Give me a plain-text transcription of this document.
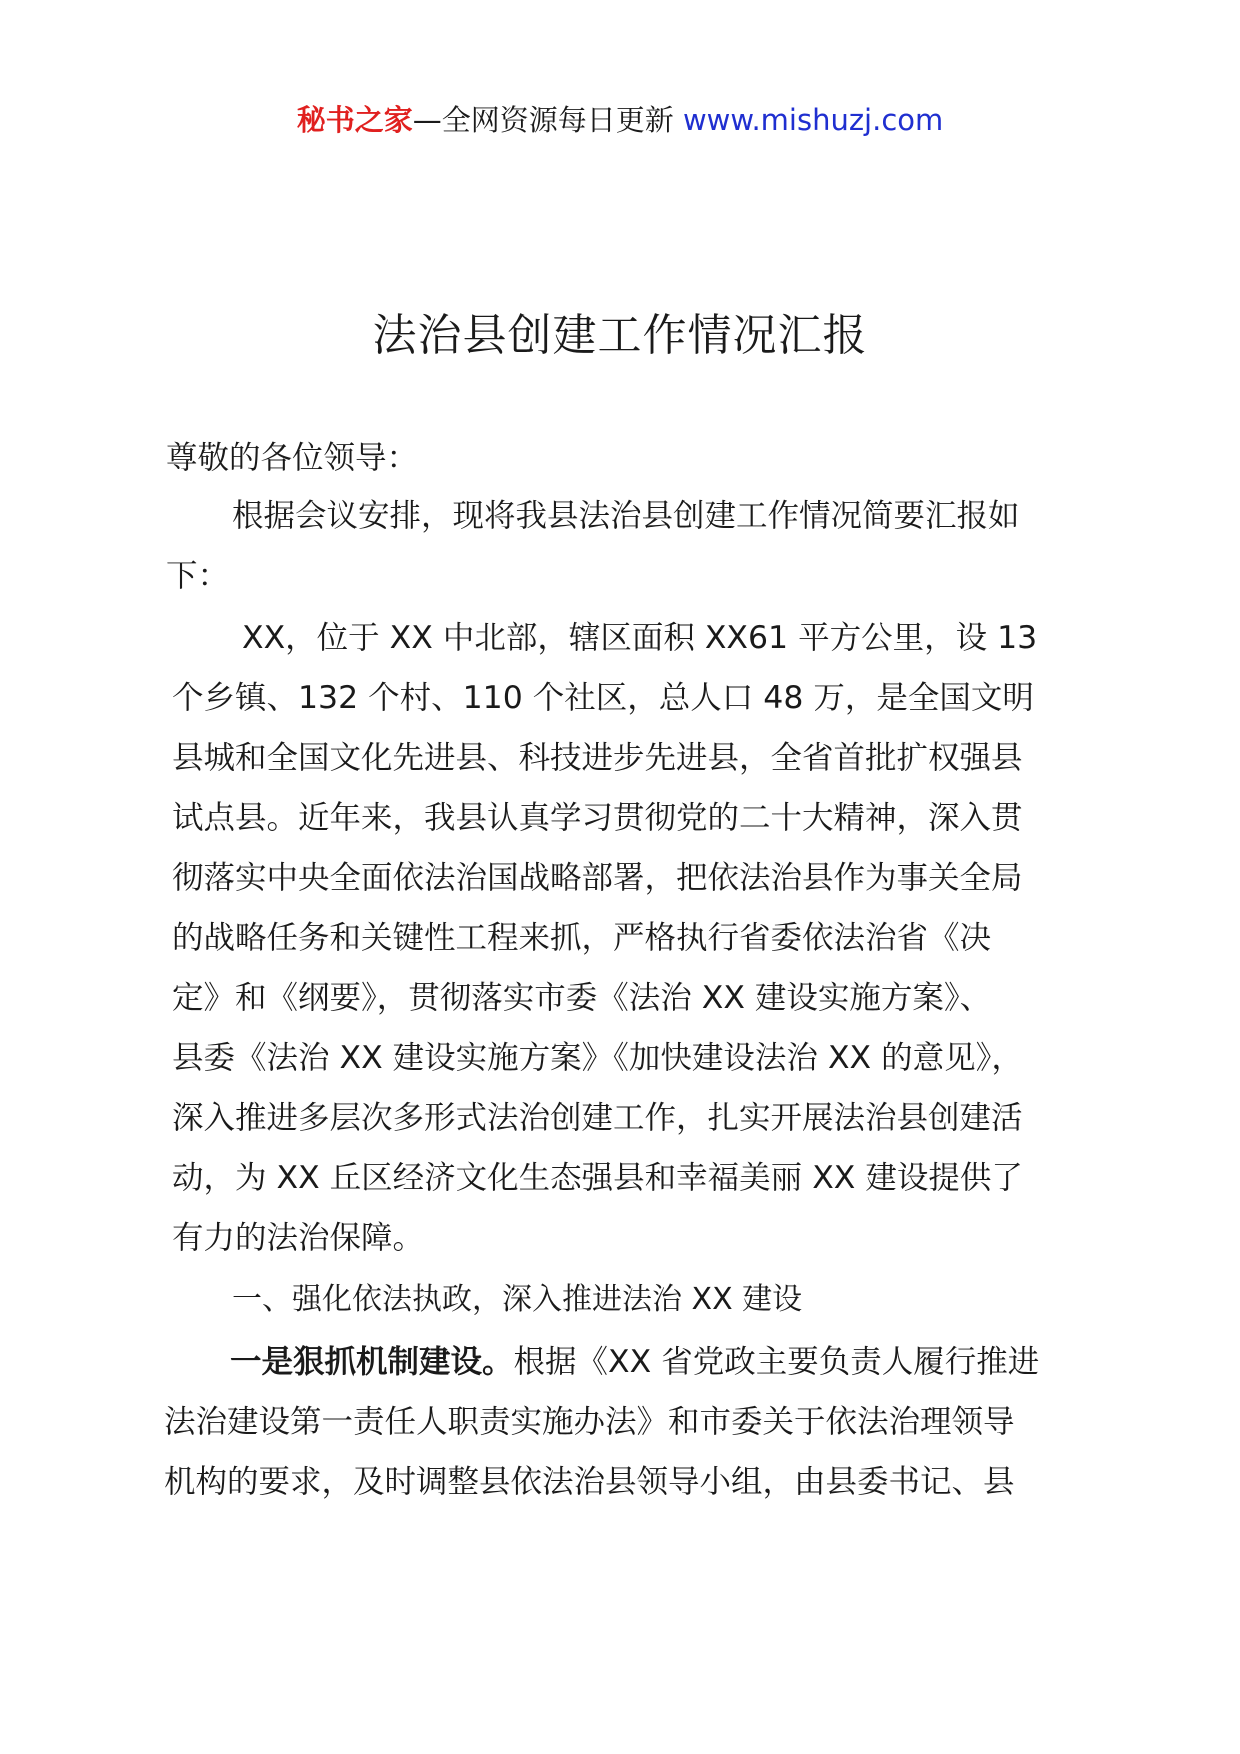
秘书之家—全网资源每日更新 www.mishuzj.com
法治县创建工作情况汇报
尊敬的各位领导：
根据会议安排，现将我县法治县创建工作情况简要汇报如
下：
XX，位于 XX 中北部，辖区面积 XX61 平方公里，设 13
个乡镇、132 个村、110 个社区，总人口 48 万，是全国文明
县城和全国文化先进县、科技进步先进县，全省首批扩权强县
试点县。近年来，我县认真学习贯彻党的二十大精神，深入贯
彻落实中央全面依法治国战略部署，把依法治县作为事关全局
的战略任务和关键性工程来抓，严格执行省委依法治省《决
定》和《纲要》，贯彻落实市委《法治 XX 建设实施方案》、
县委《法治 XX 建设实施方案》《加快建设法治 XX 的意见》，
深入推进多层次多形式法治创建工作，扎实开展法治县创建活
动，为 XX 丘区经济文化生态强县和幸福美丽 XX 建设提供了
有力的法治保障。
一、强化依法执政，深入推进法治 XX 建设
一是狠抓机制建设。根据《XX 省党政主要负责人履行推进
法治建设第一责任人职责实施办法》和市委关于依法治理领导
机构的要求，及时调整县依法治县领导小组，由县委书记、县
